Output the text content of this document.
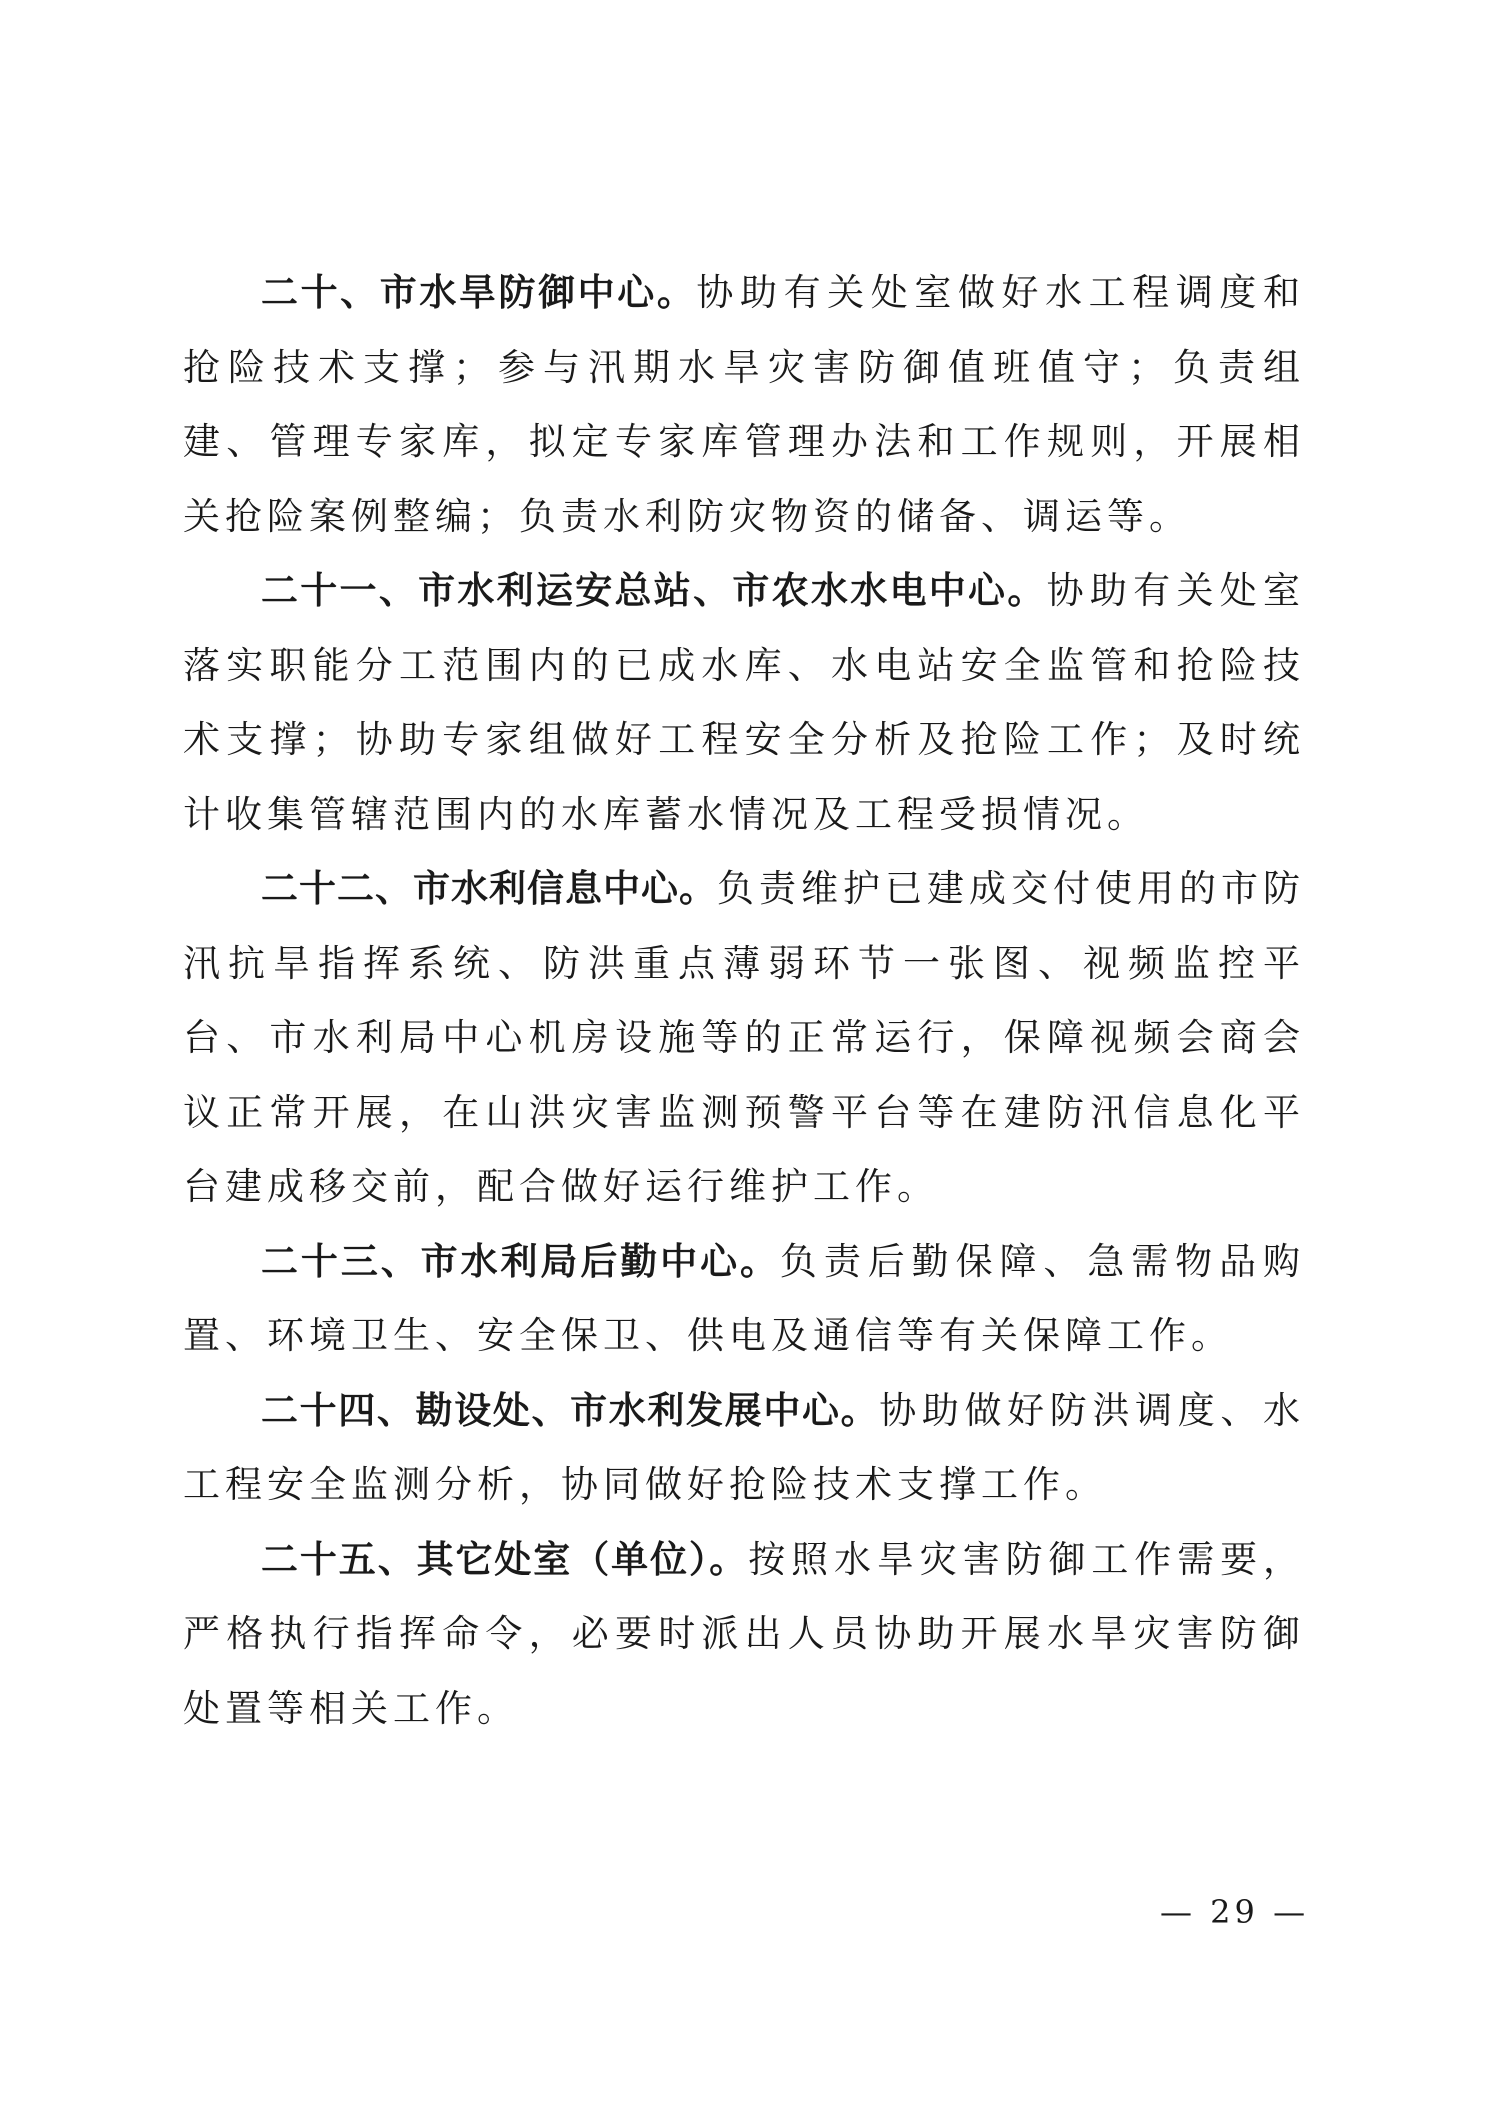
二十、市水旱防御中心。协助有关处室做好水工程调度和抢险技术支撑；参与汛期水旱灾害防御值班值守；负责组建、管理专家库，拟定专家库管理办法和工作规则，开展相关抢险案例整编；负责水利防灾物资的储备、调运等。

二十一、市水利运安总站、市农水水电中心。协助有关处室落实职能分工范围内的已成水库、水电站安全监管和抢险技术支撑；协助专家组做好工程安全分析及抢险工作；及时统计收集管辖范围内的水库蓄水情况及工程受损情况。

二十二、市水利信息中心。负责维护已建成交付使用的市防汛抗旱指挥系统、防洪重点薄弱环节一张图、视频监控平台、市水利局中心机房设施等的正常运行，保障视频会商会议正常开展，在山洪灾害监测预警平台等在建防汛信息化平台建成移交前，配合做好运行维护工作。

二十三、市水利局后勤中心。负责后勤保障、急需物品购置、环境卫生、安全保卫、供电及通信等有关保障工作。

二十四、勘设处、市水利发展中心。协助做好防洪调度、水工程安全监测分析，协同做好抢险技术支撑工作。

二十五、其它处室（单位）。按照水旱灾害防御工作需要，严格执行指挥命令，必要时派出人员协助开展水旱灾害防御处置等相关工作。

— 29 —
